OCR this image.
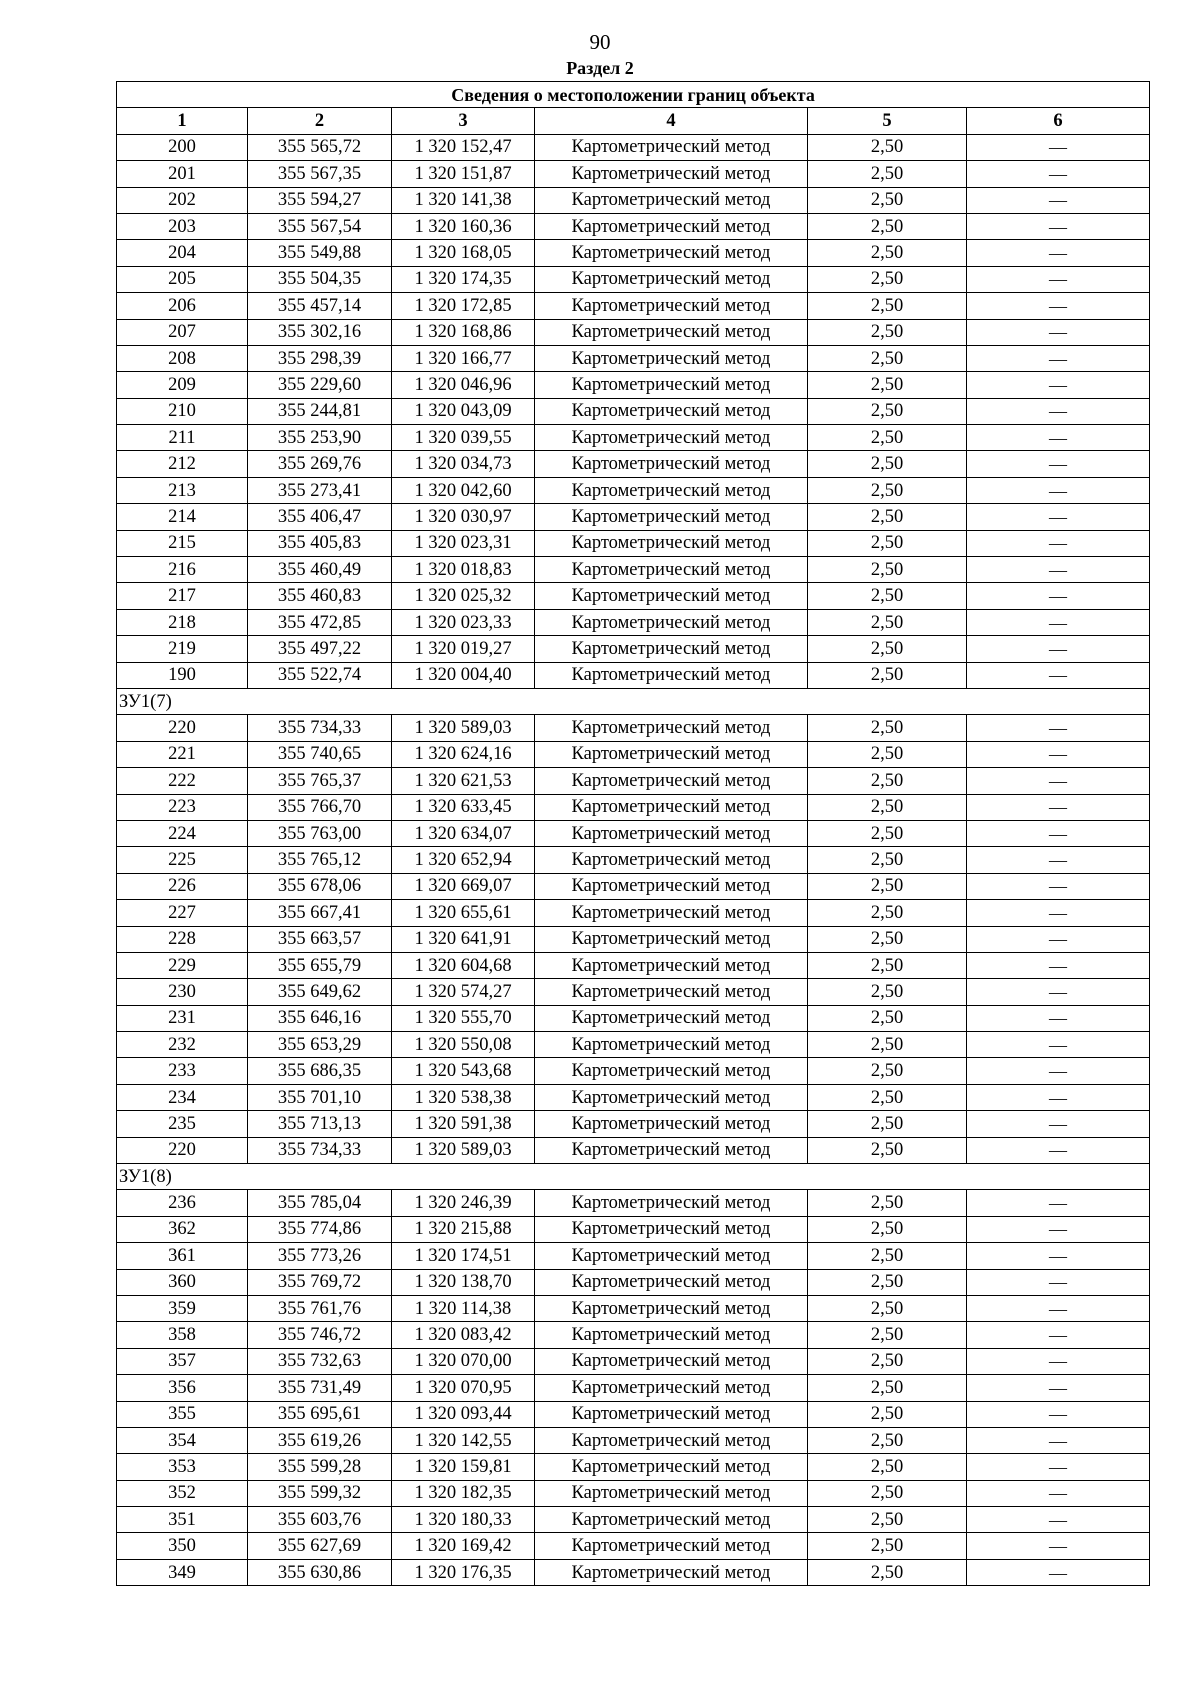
90
Раздел 2
Сведения о местоположении границ объекта					
1	2	3	4	5	6
200	355 565,72	1 320 152,47	Картометрический метод	2,50	—
201	355 567,35	1 320 151,87	Картометрический метод	2,50	—
202	355 594,27	1 320 141,38	Картометрический метод	2,50	—
203	355 567,54	1 320 160,36	Картометрический метод	2,50	—
204	355 549,88	1 320 168,05	Картометрический метод	2,50	—
205	355 504,35	1 320 174,35	Картометрический метод	2,50	—
206	355 457,14	1 320 172,85	Картометрический метод	2,50	—
207	355 302,16	1 320 168,86	Картометрический метод	2,50	—
208	355 298,39	1 320 166,77	Картометрический метод	2,50	—
209	355 229,60	1 320 046,96	Картометрический метод	2,50	—
210	355 244,81	1 320 043,09	Картометрический метод	2,50	—
211	355 253,90	1 320 039,55	Картометрический метод	2,50	—
212	355 269,76	1 320 034,73	Картометрический метод	2,50	—
213	355 273,41	1 320 042,60	Картометрический метод	2,50	—
214	355 406,47	1 320 030,97	Картометрический метод	2,50	—
215	355 405,83	1 320 023,31	Картометрический метод	2,50	—
216	355 460,49	1 320 018,83	Картометрический метод	2,50	—
217	355 460,83	1 320 025,32	Картометрический метод	2,50	—
218	355 472,85	1 320 023,33	Картометрический метод	2,50	—
219	355 497,22	1 320 019,27	Картометрический метод	2,50	—
190	355 522,74	1 320 004,40	Картометрический метод	2,50	—
ЗУ1(7)					
220	355 734,33	1 320 589,03	Картометрический метод	2,50	—
221	355 740,65	1 320 624,16	Картометрический метод	2,50	—
222	355 765,37	1 320 621,53	Картометрический метод	2,50	—
223	355 766,70	1 320 633,45	Картометрический метод	2,50	—
224	355 763,00	1 320 634,07	Картометрический метод	2,50	—
225	355 765,12	1 320 652,94	Картометрический метод	2,50	—
226	355 678,06	1 320 669,07	Картометрический метод	2,50	—
227	355 667,41	1 320 655,61	Картометрический метод	2,50	—
228	355 663,57	1 320 641,91	Картометрический метод	2,50	—
229	355 655,79	1 320 604,68	Картометрический метод	2,50	—
230	355 649,62	1 320 574,27	Картометрический метод	2,50	—
231	355 646,16	1 320 555,70	Картометрический метод	2,50	—
232	355 653,29	1 320 550,08	Картометрический метод	2,50	—
233	355 686,35	1 320 543,68	Картометрический метод	2,50	—
234	355 701,10	1 320 538,38	Картометрический метод	2,50	—
235	355 713,13	1 320 591,38	Картометрический метод	2,50	—
220	355 734,33	1 320 589,03	Картометрический метод	2,50	—
ЗУ1(8)					
236	355 785,04	1 320 246,39	Картометрический метод	2,50	—
362	355 774,86	1 320 215,88	Картометрический метод	2,50	—
361	355 773,26	1 320 174,51	Картометрический метод	2,50	—
360	355 769,72	1 320 138,70	Картометрический метод	2,50	—
359	355 761,76	1 320 114,38	Картометрический метод	2,50	—
358	355 746,72	1 320 083,42	Картометрический метод	2,50	—
357	355 732,63	1 320 070,00	Картометрический метод	2,50	—
356	355 731,49	1 320 070,95	Картометрический метод	2,50	—
355	355 695,61	1 320 093,44	Картометрический метод	2,50	—
354	355 619,26	1 320 142,55	Картометрический метод	2,50	—
353	355 599,28	1 320 159,81	Картометрический метод	2,50	—
352	355 599,32	1 320 182,35	Картометрический метод	2,50	—
351	355 603,76	1 320 180,33	Картометрический метод	2,50	—
350	355 627,69	1 320 169,42	Картометрический метод	2,50	—
349	355 630,86	1 320 176,35	Картометрический метод	2,50	—
